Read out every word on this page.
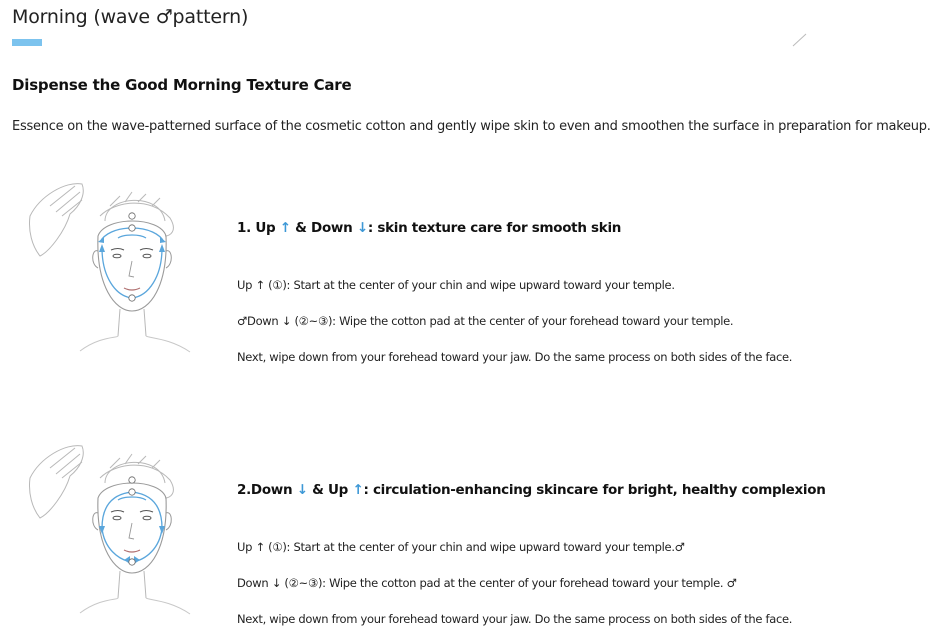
Morning (wave ♂pattern)
Dispense the Good Morning Texture Care
Essence on the wave-patterned surface of the cosmetic cotton and gently wipe skin to even and smoothen the surface in preparation for makeup.
1. Up ↑ & Down ↓: skin texture care for smooth skin
Up ↑ (①): Start at the center of your chin and wipe upward toward your temple.
♂Down ↓ (②~③): Wipe the cotton pad at the center of your forehead toward your temple.
Next, wipe down from your forehead toward your jaw. Do the same process on both sides of the face.
2.Down ↓ & Up ↑: circulation-enhancing skincare for bright, healthy complexion
Up ↑ (①): Start at the center of your chin and wipe upward toward your temple.♂
Down ↓ (②~③): Wipe the cotton pad at the center of your forehead toward your temple. ♂
Next, wipe down from your forehead toward your jaw. Do the same process on both sides of the face.
